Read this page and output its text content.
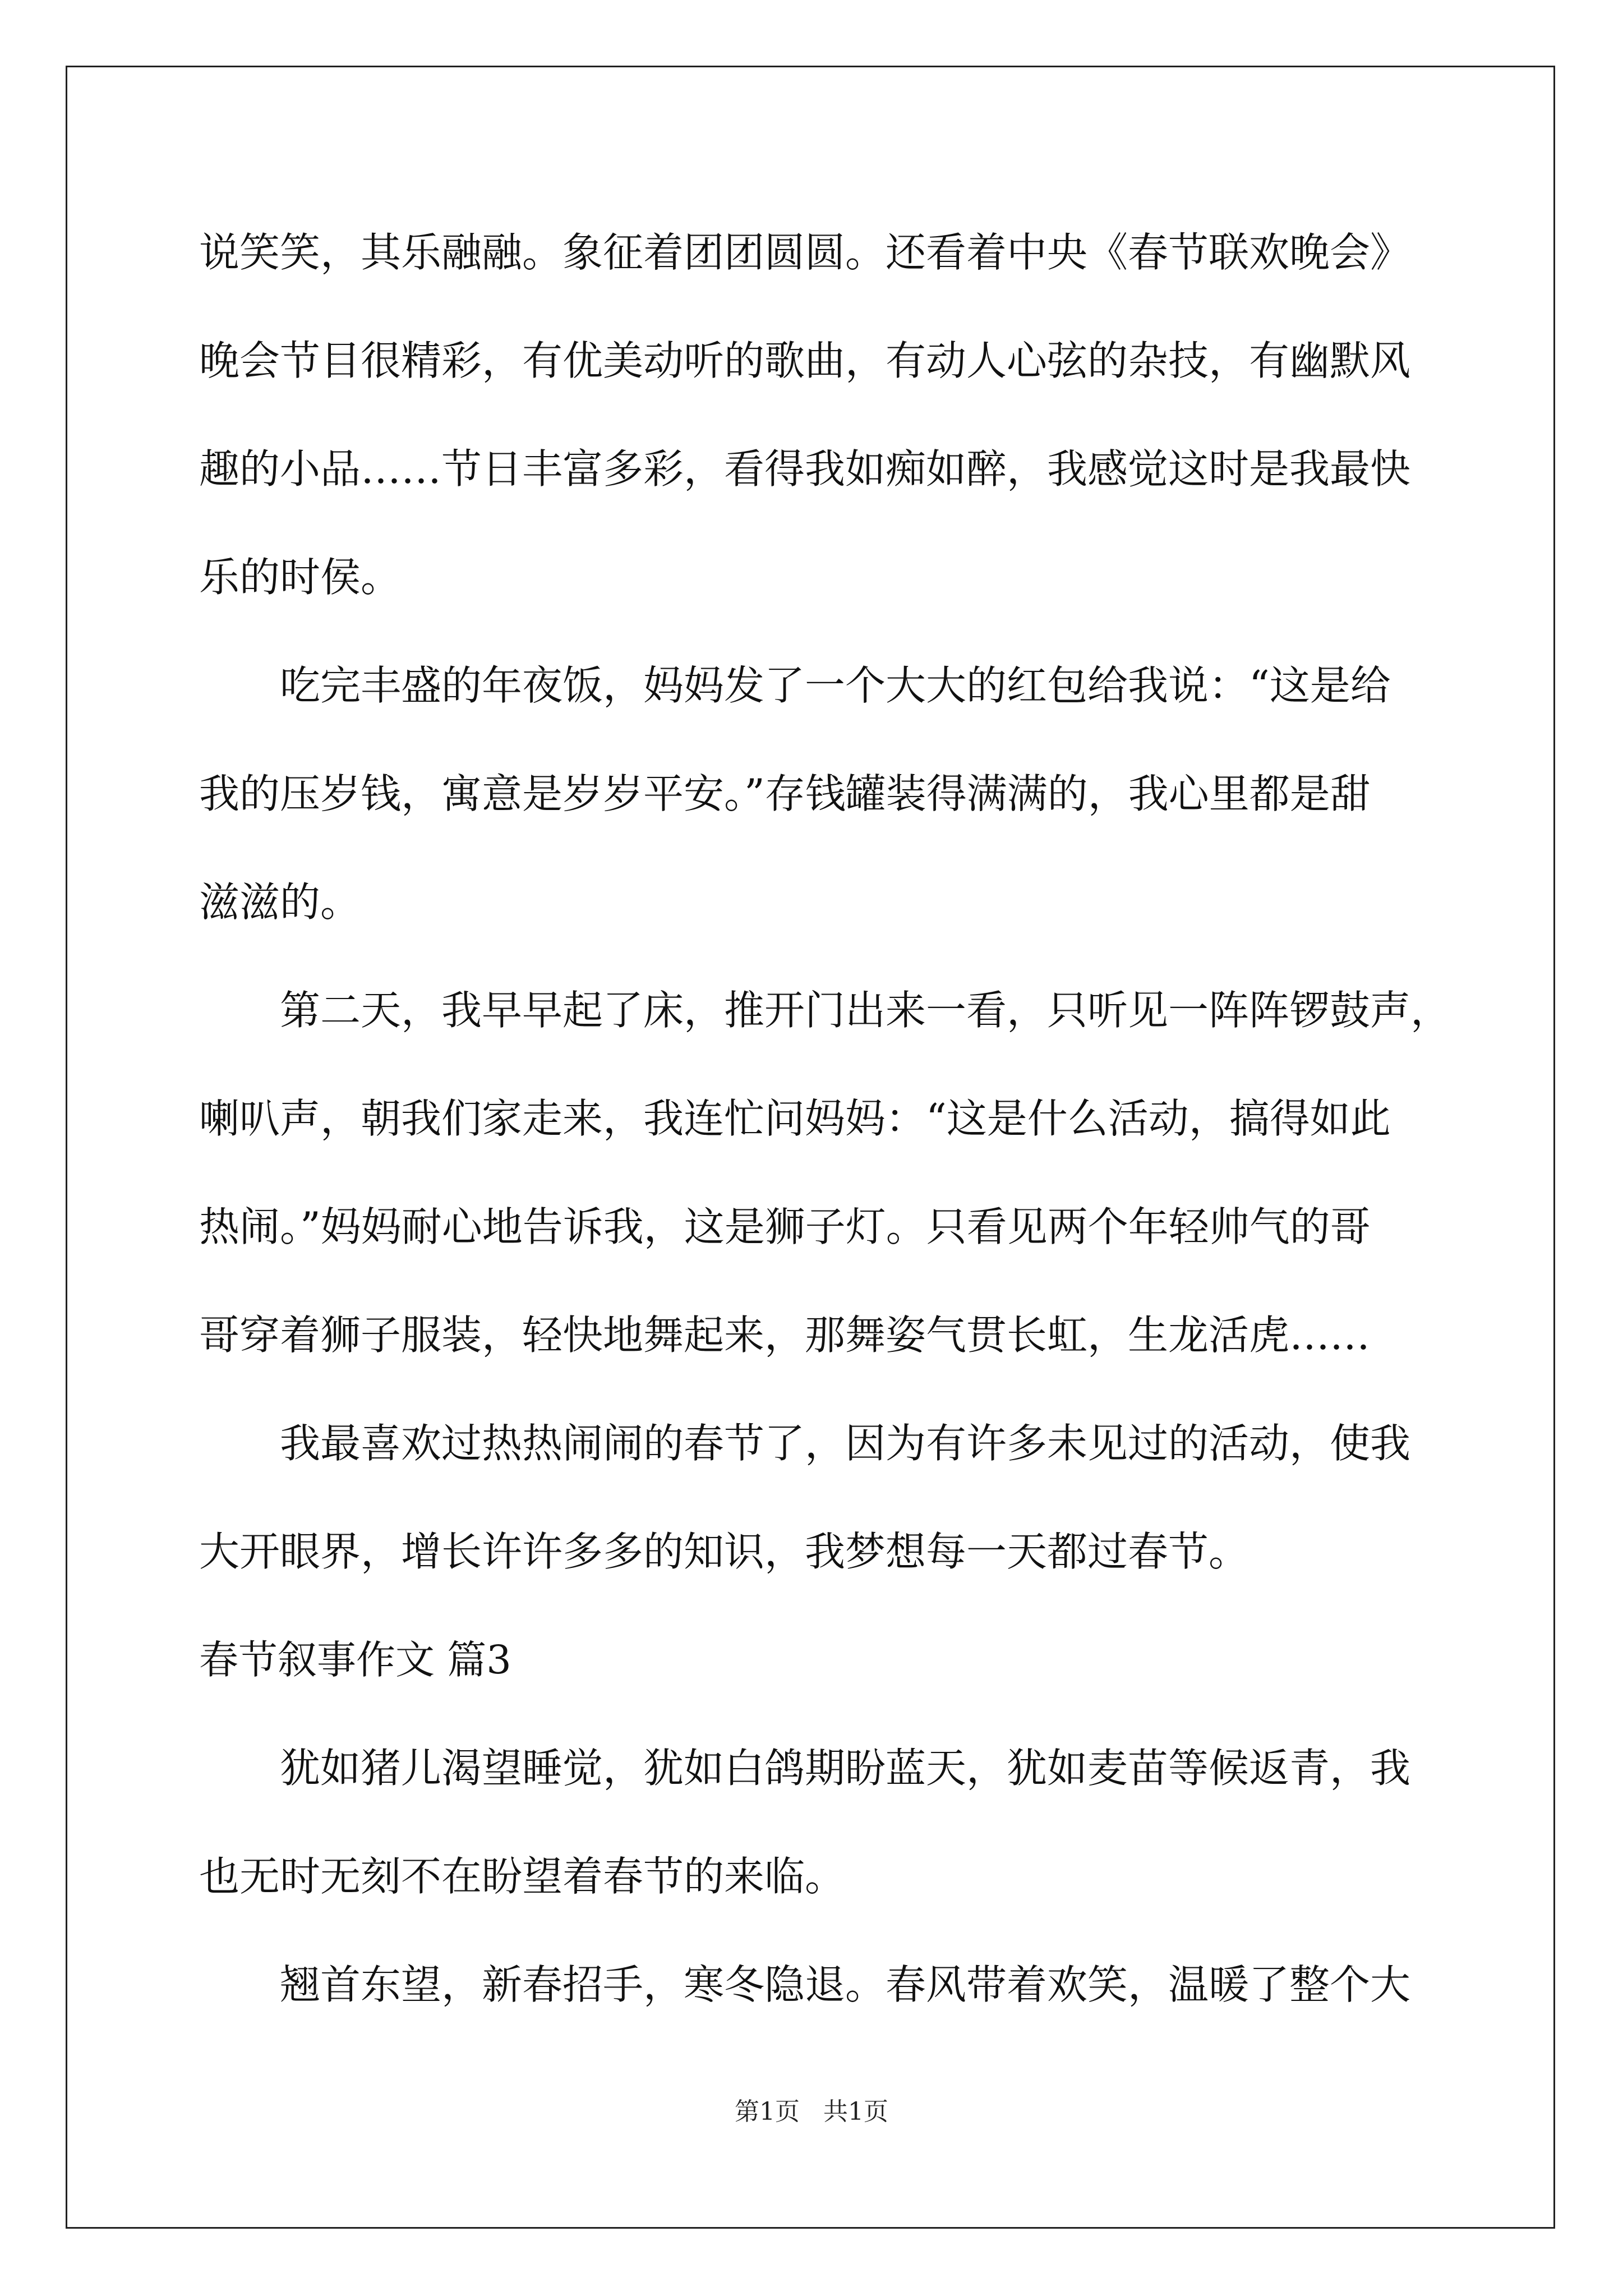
说笑笑，其乐融融。象征着团团圆圆。还看着中央《春节联欢晚会》
晚会节目很精彩，有优美动听的歌曲，有动人心弦的杂技，有幽默风
趣的小品……节日丰富多彩，看得我如痴如醉，我感觉这时是我最快
乐的时侯。
吃完丰盛的年夜饭，妈妈发了一个大大的红包给我说：“这是给
我的压岁钱，寓意是岁岁平安。”存钱罐装得满满的，我心里都是甜
滋滋的。
第二天，我早早起了床，推开门出来一看，只听见一阵阵锣鼓声，
喇叭声，朝我们家走来，我连忙问妈妈：“这是什么活动，搞得如此
热闹。”妈妈耐心地告诉我，这是狮子灯。只看见两个年轻帅气的哥
哥穿着狮子服装，轻快地舞起来，那舞姿气贯长虹，生龙活虎……
我最喜欢过热热闹闹的春节了，因为有许多未见过的活动，使我
大开眼界，增长许许多多的知识，我梦想每一天都过春节。
春节叙事作文 篇3
犹如猪儿渴望睡觉，犹如白鸽期盼蓝天，犹如麦苗等候返青，我
也无时无刻不在盼望着春节的来临。
翘首东望，新春招手，寒冬隐退。春风带着欢笑，温暖了整个大
第1页 共1页
